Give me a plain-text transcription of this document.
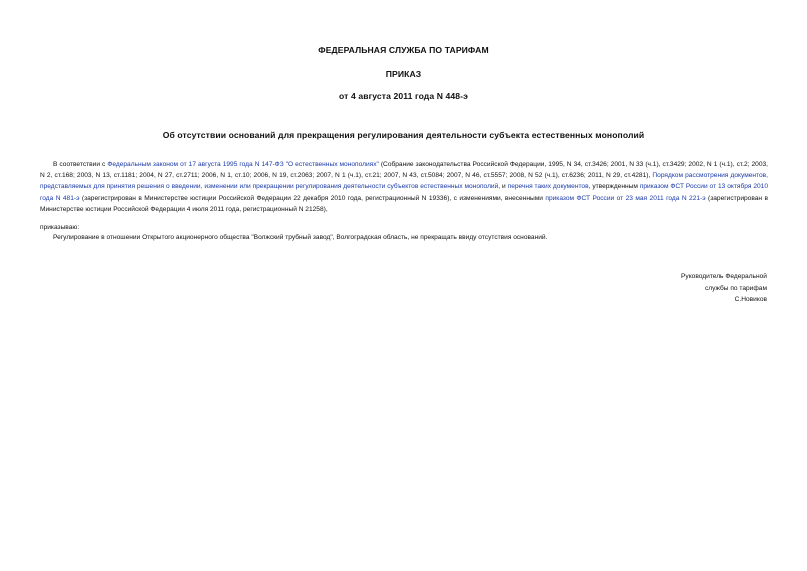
ФЕДЕРАЛЬНАЯ СЛУЖБА ПО ТАРИФАМ
ПРИКАЗ
от 4 августа 2011 года N 448-э
Об отсутствии оснований для прекращения регулирования деятельности субъекта естественных монополий
В соответствии с Федеральным законом от 17 августа 1995 года N 147-ФЗ "О естественных монополиях" (Собрание законодательства Российской Федерации, 1995, N 34, ст.3426; 2001, N 33 (ч.1), ст.3429; 2002, N 1 (ч.1), ст.2; 2003, N 2, ст.168; 2003, N 13, ст.1181; 2004, N 27, ст.2711; 2006, N 1, ст.10; 2006, N 19, ст.2063; 2007, N 1 (ч.1), ст.21; 2007, N 43, ст.5084; 2007, N 46, ст.5557; 2008, N 52 (ч.1), ст.6236; 2011, N 29, ст.4281), Порядком рассмотрения документов, представляемых для принятия решения о введении, изменении или прекращении регулирования деятельности субъектов естественных монополий, и перечня таких документов, утвержденным приказом ФСТ России от 13 октября 2010 года N 481-э (зарегистрирован в Министерстве юстиции Российской Федерации 22 декабря 2010 года, регистрационный N 19336), с изменениями, внесенными приказом ФСТ России от 23 мая 2011 года N 221-э (зарегистрирован в Министерстве юстиции Российской Федерации 4 июля 2011 года, регистрационный N 21258),
приказываю:
Регулирование в отношении Открытого акционерного общества "Волжский трубный завод", Волгоградская область, не прекращать ввиду отсутствия оснований.
Руководитель Федеральной
службы по тарифам
С.Новиков
